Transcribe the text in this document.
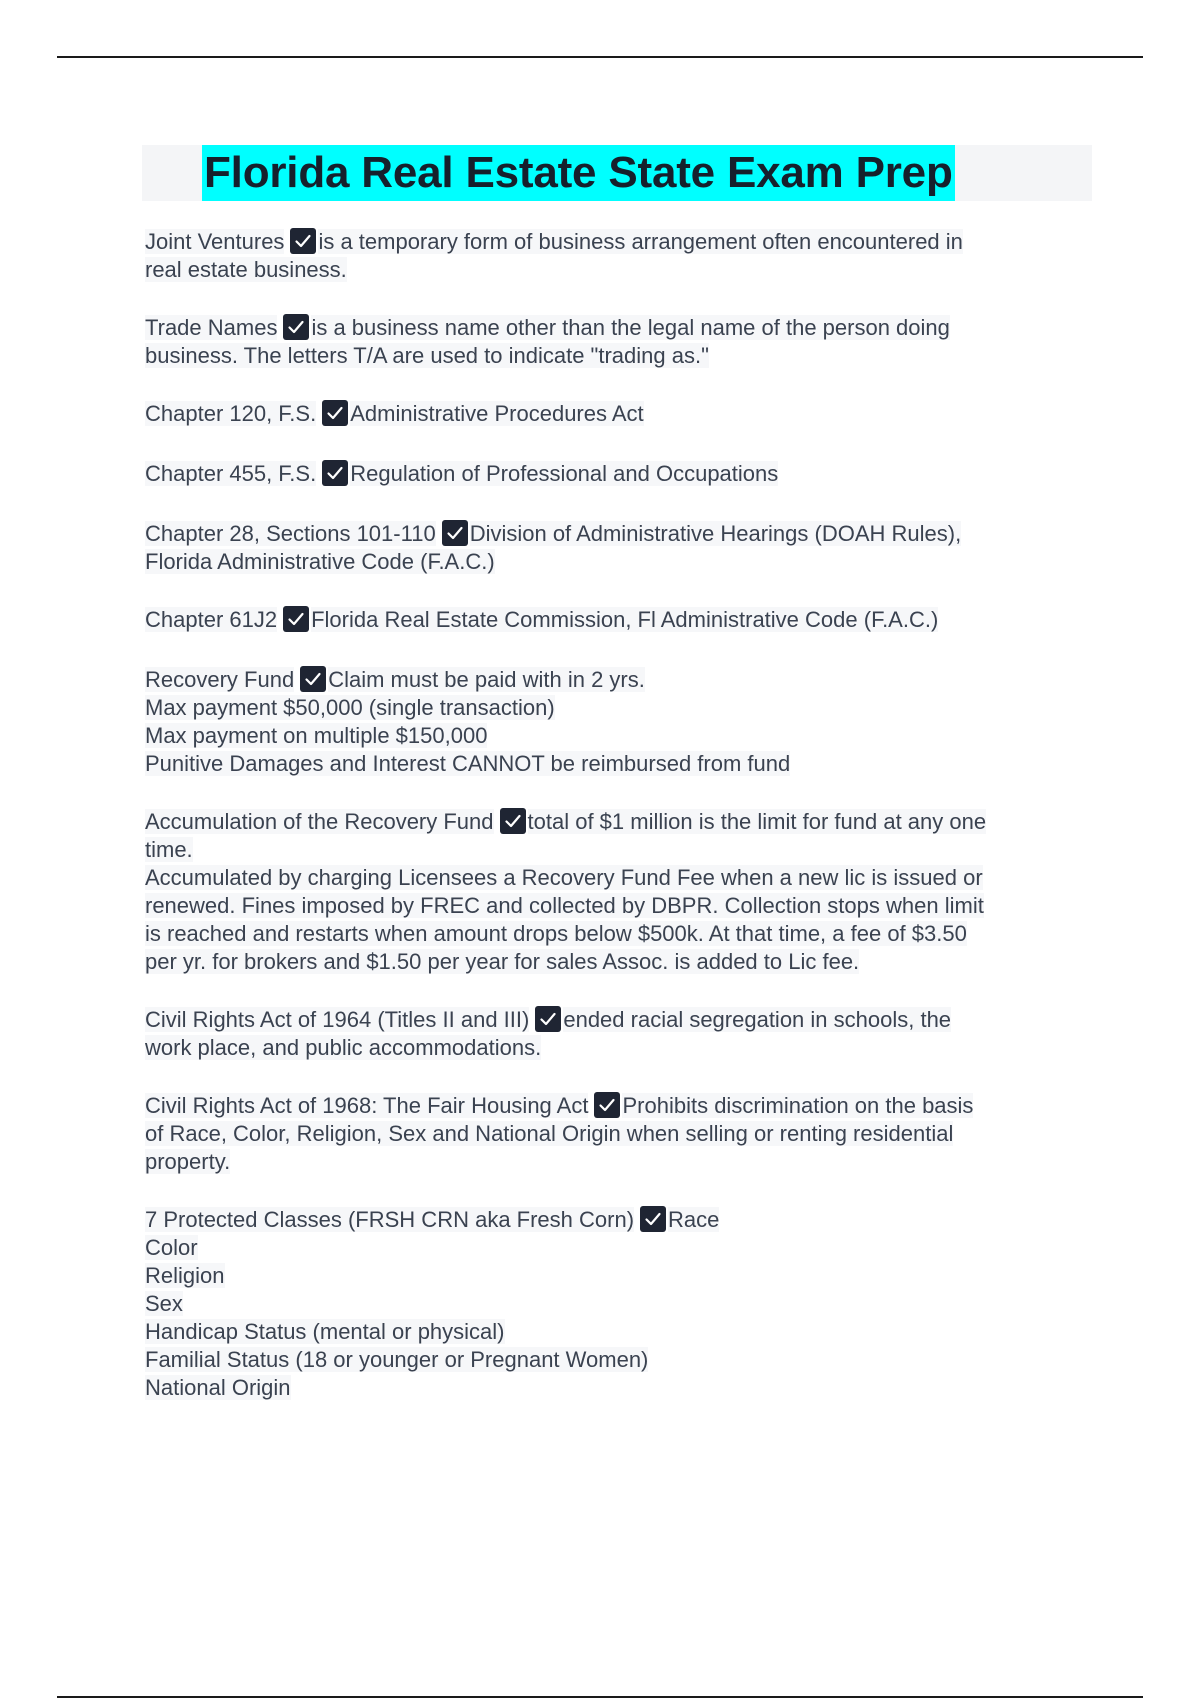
Florida Real Estate State Exam Prep
Joint Ventures is a temporary form of business arrangement often encountered in
real estate business.
Trade Names is a business name other than the legal name of the person doing
business. The letters T/A are used to indicate "trading as."
Chapter 120, F.S. Administrative Procedures Act
Chapter 455, F.S. Regulation of Professional and Occupations
Chapter 28, Sections 101-110 Division of Administrative Hearings (DOAH Rules),
Florida Administrative Code (F.A.C.)
Chapter 61J2 Florida Real Estate Commission, Fl Administrative Code (F.A.C.)
Recovery Fund Claim must be paid with in 2 yrs.
Max payment $50,000 (single transaction)
Max payment on multiple $150,000
Punitive Damages and Interest CANNOT be reimbursed from fund
Accumulation of the Recovery Fund total of $1 million is the limit for fund at any one
time.
Accumulated by charging Licensees a Recovery Fund Fee when a new lic is issued or
renewed. Fines imposed by FREC and collected by DBPR. Collection stops when limit
is reached and restarts when amount drops below $500k. At that time, a fee of $3.50
per yr. for brokers and $1.50 per year for sales Assoc. is added to Lic fee.
Civil Rights Act of 1964 (Titles II and III) ended racial segregation in schools, the
work place, and public accommodations.
Civil Rights Act of 1968: The Fair Housing Act Prohibits discrimination on the basis
of Race, Color, Religion, Sex and National Origin when selling or renting residential
property.
7 Protected Classes (FRSH CRN aka Fresh Corn) Race
Color
Religion
Sex
Handicap Status (mental or physical)
Familial Status (18 or younger or Pregnant Women)
National Origin
